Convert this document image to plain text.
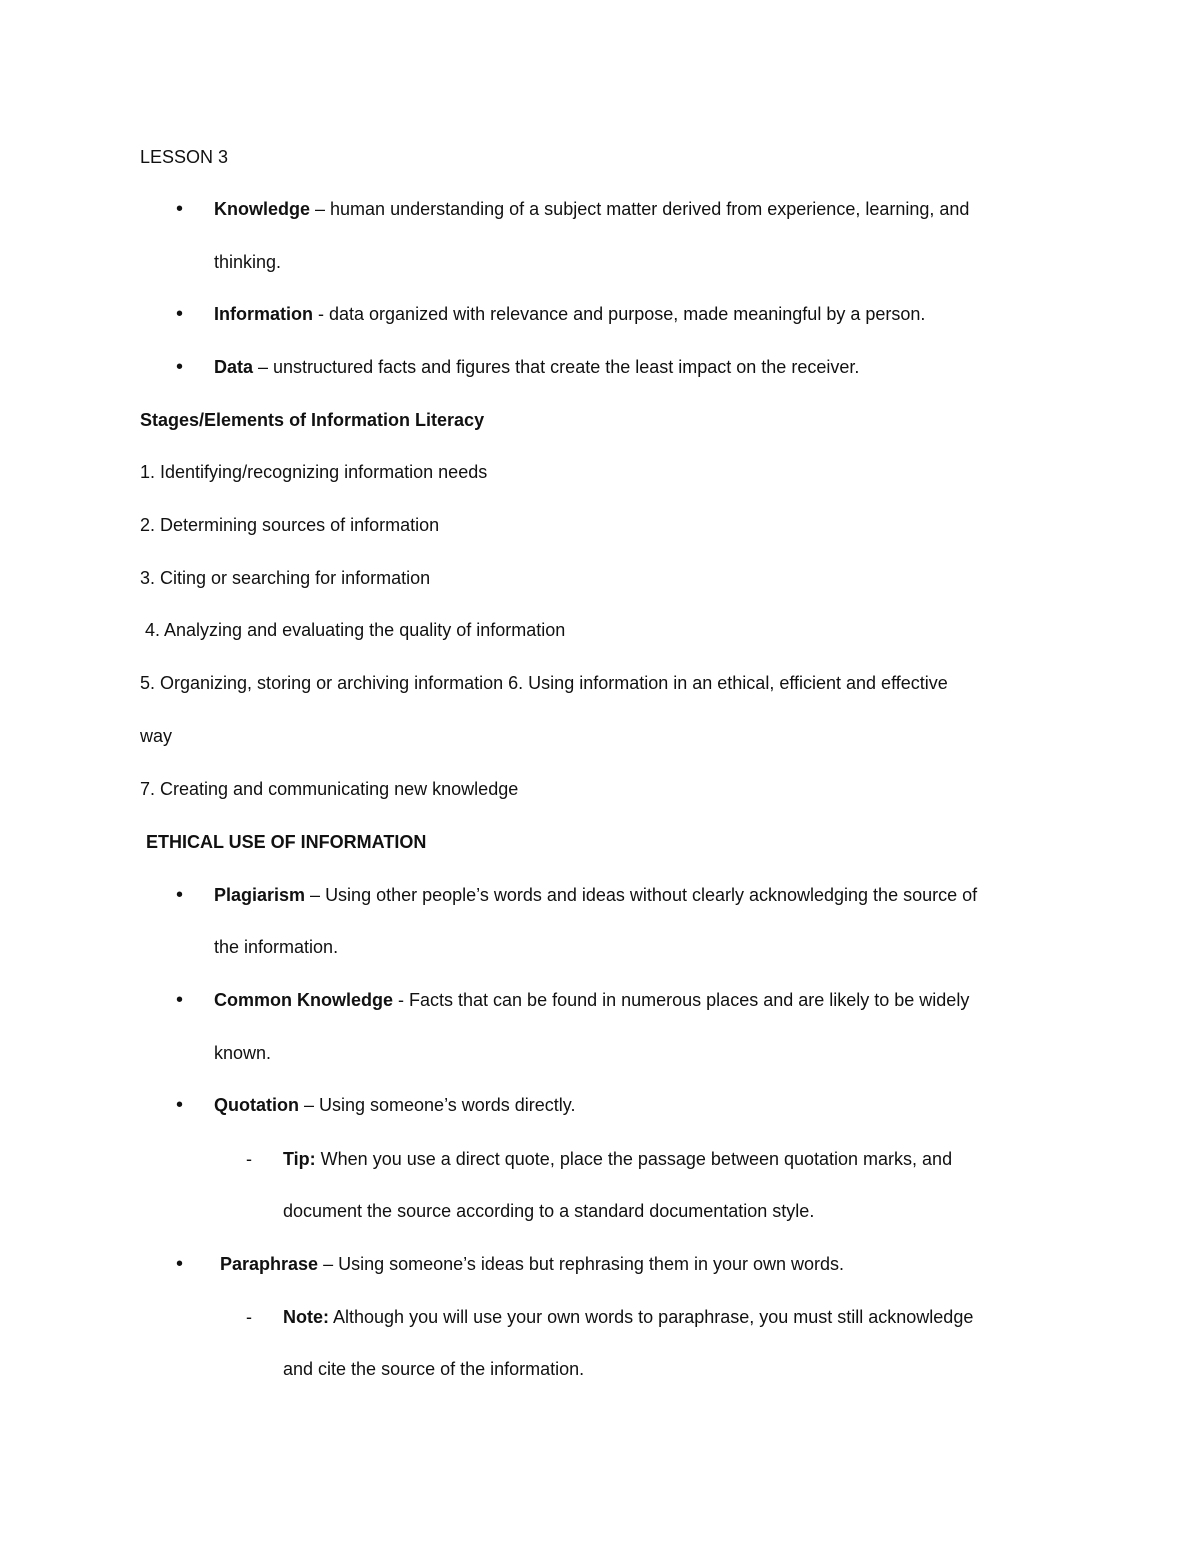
LESSON 3
• Knowledge – human understanding of a subject matter derived from experience, learning, and
thinking.
• Information - data organized with relevance and purpose, made meaningful by a person.
• Data – unstructured facts and figures that create the least impact on the receiver.
Stages/Elements of Information Literacy
1. Identifying/recognizing information needs
2. Determining sources of information
3. Citing or searching for information
4. Analyzing and evaluating the quality of information
5. Organizing, storing or archiving information 6. Using information in an ethical, efficient and effective
way
7. Creating and communicating new knowledge
ETHICAL USE OF INFORMATION
• Plagiarism – Using other people’s words and ideas without clearly acknowledging the source of
the information.
• Common Knowledge - Facts that can be found in numerous places and are likely to be widely
known.
• Quotation – Using someone’s words directly.
- Tip: When you use a direct quote, place the passage between quotation marks, and
document the source according to a standard documentation style.
• Paraphrase – Using someone’s ideas but rephrasing them in your own words.
- Note: Although you will use your own words to paraphrase, you must still acknowledge
and cite the source of the information.
